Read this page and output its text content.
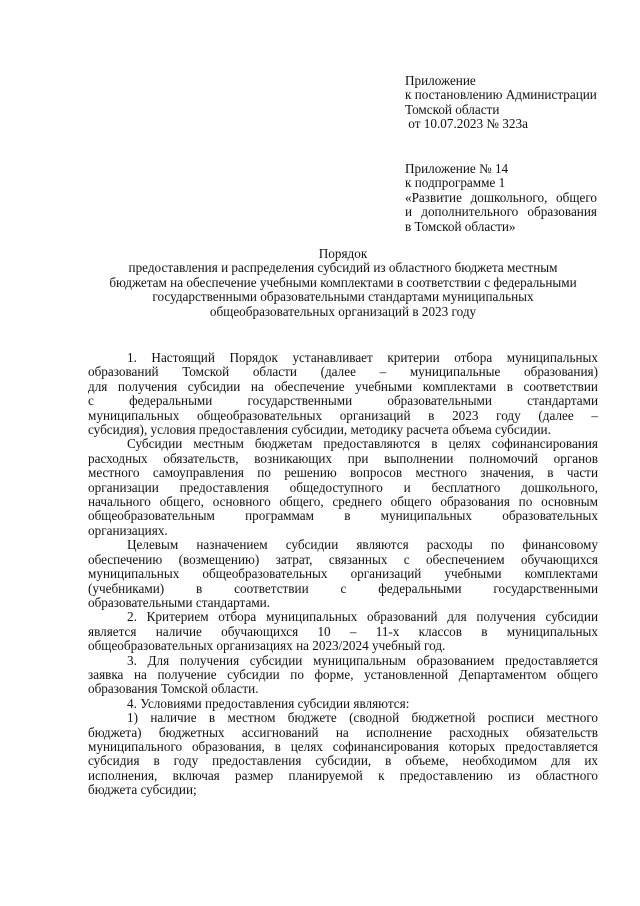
Приложение
к постановлению Администрации
Томской области
от 10.07.2023 № 323а
Приложение № 14
к подпрограмме 1
«Развитие дошкольного, общего
и дополнительного образования
в Томской области»
Порядок
предоставления и распределения субсидий из областного бюджета местным
бюджетам на обеспечение учебными комплектами в соответствии с федеральными
государственными образовательными стандартами муниципальных
общеобразовательных организаций в 2023 году
1. Настоящий Порядок устанавливает критерии отбора муниципальных
образований Томской области (далее – муниципальные образования)
для получения субсидии на обеспечение учебными комплектами в соответствии
с федеральными государственными образовательными стандартами
муниципальных общеобразовательных организаций в 2023 году (далее –
субсидия), условия предоставления субсидии, методику расчета объема субсидии.
Субсидии местным бюджетам предоставляются в целях софинансирования
расходных обязательств, возникающих при выполнении полномочий органов
местного самоуправления по решению вопросов местного значения, в части
организации предоставления общедоступного и бесплатного дошкольного,
начального общего, основного общего, среднего общего образования по основным
общеобразовательным программам в муниципальных образовательных
организациях.
Целевым назначением субсидии являются расходы по финансовому
обеспечению (возмещению) затрат, связанных с обеспечением обучающихся
муниципальных общеобразовательных организаций учебными комплектами
(учебниками) в соответствии с федеральными государственными
образовательными стандартами.
2. Критерием отбора муниципальных образований для получения субсидии
является наличие обучающихся 10 – 11-х классов в муниципальных
общеобразовательных организациях на 2023/2024 учебный год.
3. Для получения субсидии муниципальным образованием предоставляется
заявка на получение субсидии по форме, установленной Департаментом общего
образования Томской области.
4. Условиями предоставления субсидии являются:
1) наличие в местном бюджете (сводной бюджетной росписи местного
бюджета) бюджетных ассигнований на исполнение расходных обязательств
муниципального образования, в целях софинансирования которых предоставляется
субсидия в году предоставления субсидии, в объеме, необходимом для их
исполнения, включая размер планируемой к предоставлению из областного
бюджета субсидии;
